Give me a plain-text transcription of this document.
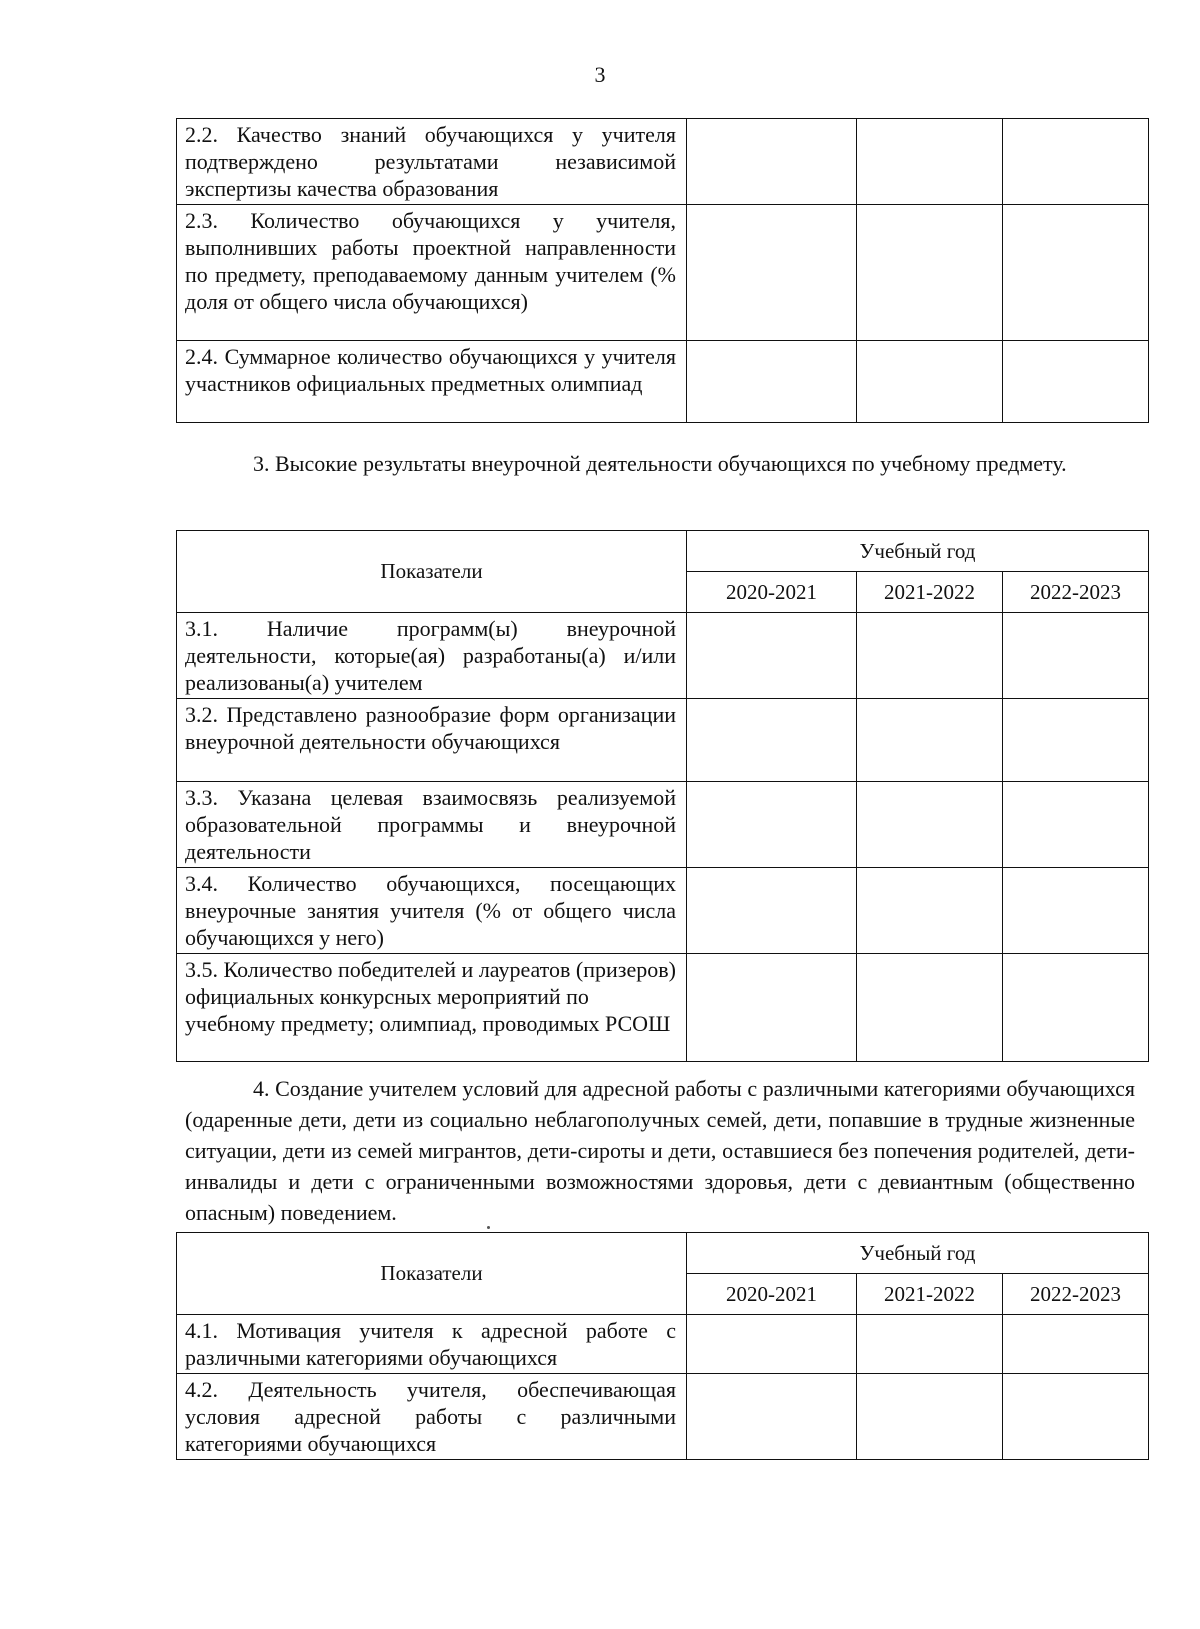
3
2.2. Качество знаний обучающихся у учителя подтверждено результатами независимой экспертизы качества образования			
2.3. Количество обучающихся у учителя, выполнивших работы проектной направленности по предмету, преподаваемому данным учителем (% доля от общего числа обучающихся)			
2.4. Суммарное количество обучающихся у учителя участников официальных предметных олимпиад			
3. Высокие результаты внеурочной деятельности обучающихся по учебному предмету.
Показатели	Учебный год		
	2020-2021	2021-2022	2022-2023
3.1. Наличие программ(ы) внеурочной деятельности, которые(ая) разработаны(а) и/или реализованы(а) учителем			
3.2. Представлено разнообразие форм организации внеурочной деятельности обучающихся			
3.3. Указана целевая взаимосвязь реализуемой образовательной программы и внеурочной деятельности			
3.4. Количество обучающихся, посещающих внеурочные занятия учителя (% от общего числа обучающихся у него)			
3.5. Количество победителей и лауреатов (призеров) официальных конкурсных мероприятий по учебному предмету; олимпиад, проводимых РСОШ			
4. Создание учителем условий для адресной работы с различными категориями обучающихся (одаренные дети, дети из социально неблагополучных семей, дети, попавшие в трудные жизненные ситуации, дети из семей мигрантов, дети-сироты и дети, оставшиеся без попечения родителей, дети-инвалиды и дети с ограниченными возможностями здоровья, дети с девиантным (общественно опасным) поведением.
Показатели	Учебный год		
	2020-2021	2021-2022	2022-2023
4.1. Мотивация учителя к адресной работе с различными категориями обучающихся			
4.2. Деятельность учителя, обеспечивающая условия адресной работы с различными категориями обучающихся			
